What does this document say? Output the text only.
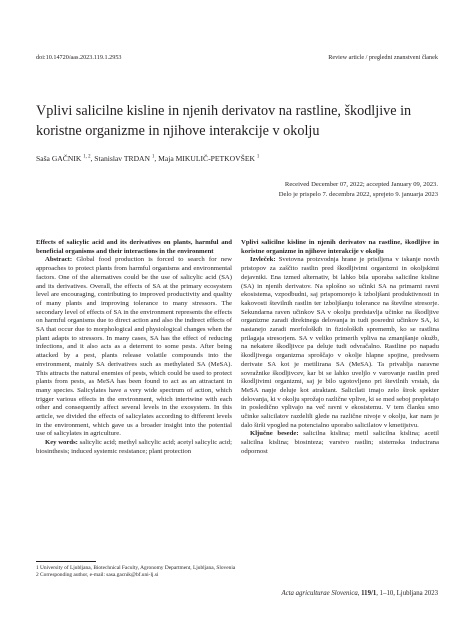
doi:10.14720/aas.2023.119.1.2953	Review article / pregledni znanstveni članek
Vplivi salicilne kisline in njenih derivatov na rastline, škodljive in koristne organizme in njihove interakcije v okolju
Saša GAČNIK $^{1, 2}$, Stanislav TRDAN $^1$, Maja MIKULIČ-PETKOVŠEK $^1$
Received December 07, 2022; accepted January 09, 2023.
Delo je prispelo 7. decembra 2022, sprejeto 9. januarja 2023
Effects of salicylic acid and its derivatives on plants, harmful and beneficial organisms and their interactions in the environment

Abstract: Global food production is forced to search for new approaches to protect plants from harmful organisms and environmental factors. One of the alternatives could be the use of salicylic acid (SA) and its derivatives. Overall, the effects of SA at the primary ecosystem level are encouraging, contributing to improved productivity and quality of many plants and improving tolerance to many stressors. The secondary level of effects of SA in the environment represents the effects on harmful organisms due to direct action and also the indirect effects of SA that occur due to morphological and physiological changes when the plant adapts to stressors. In many cases, SA has the effect of reducing infections, and it also acts as a deterrent to some pests. After being attacked by a pest, plants release volatile compounds into the environment, mainly SA derivatives such as methylated SA (MeSA). This attracts the natural enemies of pests, which could be used to protect plants from pests, as MeSA has been found to act as an attractant in many species. Salicylates have a very wide spectrum of action, which trigger various effects in the environment, which intertwine with each other and consequently affect several levels in the exosystem. In this article, we divided the effects of salicylates according to different levels in the environment, which gave us a broader insight into the potential use of salicylates in agriculture.

Key words: salicylic acid; methyl salicylic acid; acetyl salicylic acid; biosinthesis; induced systemic resistance; plant protection

Vplivi salicilne kisline in njenih derivatov na rastline, škodljive in koristne organizme in njihove interakcije v okolju

Izvleček: Svetovna proizvodnja hrane je prisiljena v iskanje novih pristopov za zaščito rastlin pred škodljivimi organizmi in okoljskimi dejavniki. Ena izmed alternativ, bi lahko bila uporaba salicilne kisline (SA) in njenih derivatov. Na splošno so učinki SA na primarni ravni ekosistema, vzpodbudni, saj prispomorejo k izboljšani produktivnosti in kakovosti številnih rastlin ter izboljšanju tolerance na številne stresorje. Sekundarna raven učinkov SA v okolju predstavlja učinke na škodljive organizme zaradi direktnega delovanja in tudi posredni učinkov SA, ki nastanejo zaradi morfoloških in fizioloških sprememb, ko se rastlina prilagaja stresorjem. SA v veliko primerih vpliva na zmanjšanje okužb, na nekatere škodljivce pa deluje tudi odvračalno. Rastline po napadu škodljivega organizma sproščajo v okolje hlapne spojine, predvsem derivate SA kot je metilirana SA (MeSA). Ta privablja naravne sovražnike škodljivcev, kar bi se lahko uveljlo v varovanje rastlin pred škodljivimi organizmi, saj je bilo ugotovljeno pri številnih vrstah, da MeSA naņje deluje kot atraktant. Salicilati imajo zelo širok spekter delovanja, ki v okolju sprožajo različne vplive, ki se med seboj prepletajo in posledično vplivajo na več ravni v ekosistemu. V tem članku smo učinke salicilatov razdelili glede na različne nivoje v okolju, kar nam je dalo širši vpogled na potencialno uporabo salicilatov v kmetijstvu.

Ključne besede: salicilna kislina; metil salicilna kislina; acetil salicilna kislina; biosinteza; varstvo rastlin; sistemska inducirana odpornost

1 University of Ljubljana, Biotechnical Faculty, Agronomy Department, Ljubljana, Slovenia
2 Corresponding author, e-mail: sasa.gacnik@bf.uni-lj.si
Acta agriculturae Slovenica, 119/1, 1–10, Ljubljana 2023
